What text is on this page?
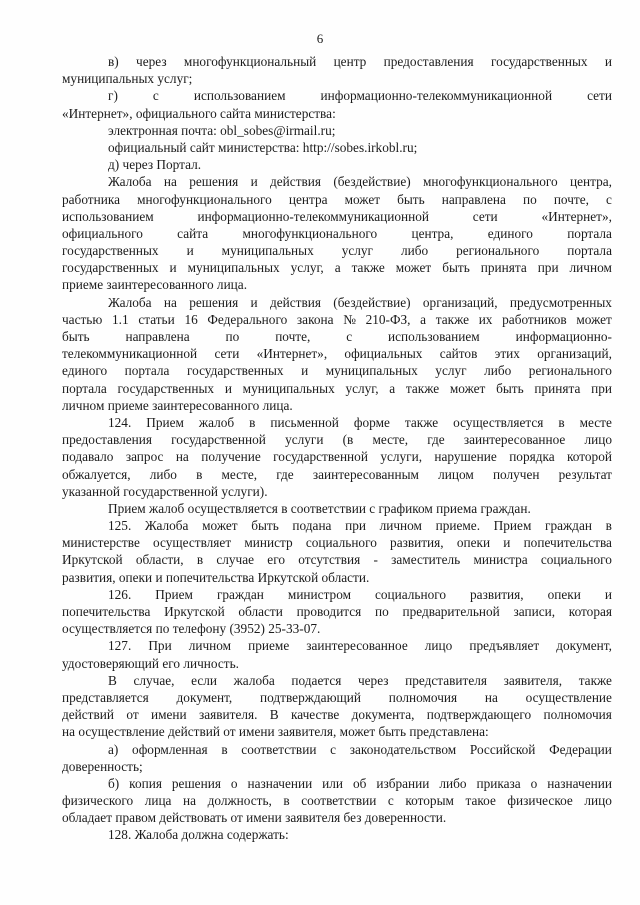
6
в) через многофункциональный центр предоставления государственных и
муниципальных услуг;
г)	с	использованием	информационно-телекоммуникационной	сети
«Интернет», официального сайта министерства:
электронная почта: obl_sobes@irmail.ru;
официальный сайт министерства: http://sobes.irkobl.ru;
д) через Портал.
Жалоба на решения и действия (бездействие) многофункционального центра,
работника многофункционального центра может быть направлена по почте, с
использованием	информационно-телекоммуникационной	сети	«Интернет»,
официального	сайта	многофункционального	центра,	единого	портала
государственных и муниципальных услуг либо регионального портала
государственных и муниципальных услуг, а также может быть принята при личном
приеме заинтересованного лица.
Жалоба на решения и действия (бездействие) организаций, предусмотренных
частью 1.1 статьи 16 Федерального закона № 210-ФЗ, а также их работников может
быть	направлена	по	почте,	с	использованием	информационно-
телекоммуникационной сети «Интернет», официальных сайтов этих организаций,
единого портала государственных и муниципальных услуг либо регионального
портала государственных и муниципальных услуг, а также может быть принята при
личном приеме заинтересованного лица.
124. Прием жалоб в письменной форме также осуществляется в месте
предоставления государственной услуги (в месте, где заинтересованное лицо
подавало запрос на получение государственной услуги, нарушение порядка которой
обжалуется, либо в месте, где заинтересованным лицом получен результат
указанной государственной услуги).
Прием жалоб осуществляется в соответствии с графиком приема граждан.
125. Жалоба может быть подана при личном приеме. Прием граждан в
министерстве осуществляет министр социального развития, опеки и попечительства
Иркутской области, в случае его отсутствия - заместитель министра социального
развития, опеки и попечительства Иркутской области.
126. Прием граждан министром социального развития, опеки и
попечительства Иркутской области проводится по предварительной записи, которая
осуществляется по телефону (3952) 25-33-07.
127. При личном приеме заинтересованное лицо предъявляет документ,
удостоверяющий его личность.
В случае, если жалоба подается через представителя заявителя, также
представляется документ, подтверждающий полномочия на осуществление
действий от имени заявителя. В качестве документа, подтверждающего полномочия
на осуществление действий от имени заявителя, может быть представлена:
а) оформленная в соответствии с законодательством Российской Федерации
доверенность;
б) копия решения о назначении или об избрании либо приказа о назначении
физического лица на должность, в соответствии с которым такое физическое лицо
обладает правом действовать от имени заявителя без доверенности.
128. Жалоба должна содержать:
